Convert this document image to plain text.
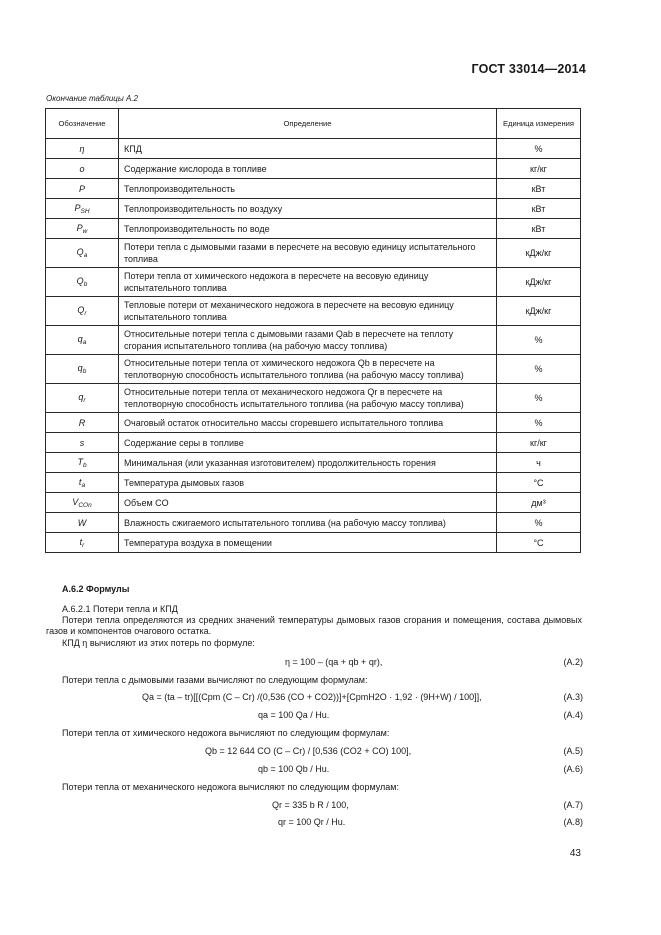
ГОСТ 33014—2014
Окончание таблицы А.2
Обозначение	Определение	Единица измерения
η	КПД	%
o	Содержание кислорода в топливе	кг/кг
P	Теплопроизводительность	кВт
$P_{SH}$	Теплопроизводительность по воздуху	кВт
$P_w$	Теплопроизводительность по воде	кВт
$Q_a$	Потери тепла с дымовыми газами в пересчете на весовую единицу испытательного топлива	кДж/кг
$Q_b$	Потери тепла от химического недожога в пересчете на весовую единицу испытательного топлива	кДж/кг
$Q_r$	Тепловые потери от механического недожога в пересчете на весовую единицу испытательного топлива	кДж/кг
$q_a$	Относительные потери тепла с дымовыми газами Qab в пересчете на теплоту сгорания испытательного топлива (на рабочую массу топлива)	%
$q_b$	Относительные потери тепла от химического недожога Qb в пересчете на теплотворную способность испытательного топлива (на рабочую массу топлива)	%
$q_r$	Относительные потери тепла от механического недожога Qr в пересчете на теплотворную способность испытательного топлива (на рабочую массу топлива)	%
R	Очаговый остаток относительно массы сгоревшего испытательного топлива	%
s	Содержание серы в топливе	кг/кг
$T_b$	Минимальная (или указанная изготовителем) продолжительность горения	ч
$t_a$	Температура дымовых газов	°С
$V_{COn}$	Объем CO	дм³
W	Влажность сжигаемого испытательного топлива (на рабочую массу топлива)	%
$t_r$	Температура воздуха в помещении	°С
А.6.2 Формулы
А.6.2.1 Потери тепла и КПД
Потери тепла определяются из средних значений температуры дымовых газов сгорания и помещения, состава дымовых газов и компонентов очагового остатка.
КПД η вычисляют из этих потерь по формуле:
η = 100 – (qa + qb + qr),	(А.2)
Потери тепла с дымовыми газами вычисляют по следующим формулам:
Qa = (ta – tr)[[(Cpm (C – Cr) /(0,536 (CO + CO2))]+[CpmH2O · 1,92 · (9H+W) / 100]],	(А.3)
qa = 100 Qa / Hu.	(А.4)
Потери тепла от химического недожога вычисляют по следующим формулам:
Qb = 12 644 CO (C – Cr) / [0,536 (CO2 + CO) 100],	(А.5)
qb = 100 Qb / Hu.	(А.6)
Потери тепла от механического недожога вычисляют по следующим формулам:
Qr = 335 b R / 100,	(А.7)
qr = 100 Qr / Hu.	(А.8)
43
